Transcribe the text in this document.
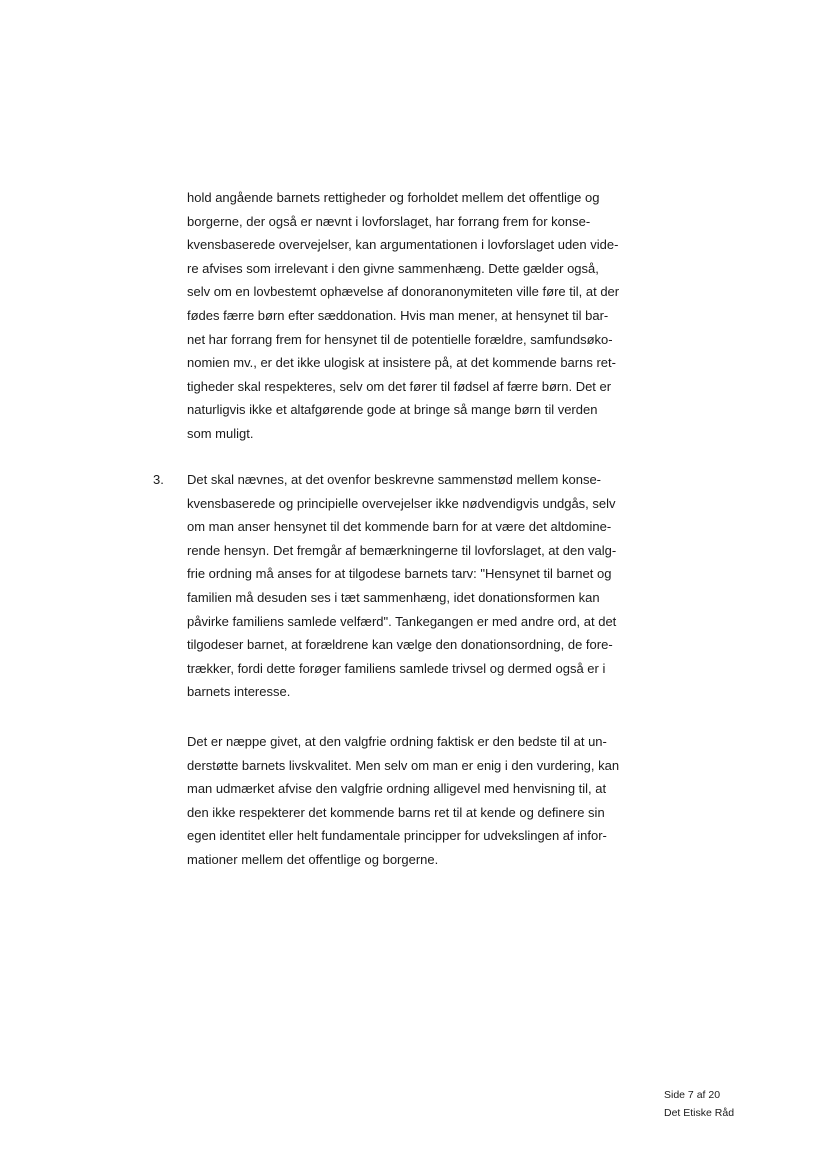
hold angående barnets rettigheder og forholdet mellem det offentlige og
borgerne, der også er nævnt i lovforslaget, har forrang frem for konse-
kvensbaserede overvejelser, kan argumentationen i lovforslaget uden vide-
re afvises som irrelevant i den givne sammenhæng. Dette gælder også,
selv om en lovbestemt ophævelse af donoranonymiteten ville føre til, at der
fødes færre børn efter sæddonation. Hvis man mener, at hensynet til bar-
net har forrang frem for hensynet til de potentielle forældre, samfundsøko-
nomien mv., er det ikke ulogisk at insistere på, at det kommende barns ret-
tigheder skal respekteres, selv om det fører til fødsel af færre børn. Det er
naturligvis ikke et altafgørende gode at bringe så mange børn til verden
som muligt.
3. Det skal nævnes, at det ovenfor beskrevne sammenstød mellem konse-
kvensbaserede og principielle overvejelser ikke nødvendigvis undgås, selv
om man anser hensynet til det kommende barn for at være det altdomine-
rende hensyn. Det fremgår af bemærkningerne til lovforslaget, at den valg-
frie ordning må anses for at tilgodese barnets tarv: "Hensynet til barnet og
familien må desuden ses i tæt sammenhæng, idet donationsformen kan
påvirke familiens samlede velfærd". Tankegangen er med andre ord, at det
tilgodeser barnet, at forældrene kan vælge den donationsordning, de fore-
trækker, fordi dette forøger familiens samlede trivsel og dermed også er i
barnets interesse.
Det er næppe givet, at den valgfrie ordning faktisk er den bedste til at un-
derstøtte barnets livskvalitet. Men selv om man er enig i den vurdering, kan
man udmærket afvise den valgfrie ordning alligevel med henvisning til, at
den ikke respekterer det kommende barns ret til at kende og definere sin
egen identitet eller helt fundamentale principper for udvekslingen af infor-
mationer mellem det offentlige og borgerne.
Side 7 af 20
Det Etiske Råd
